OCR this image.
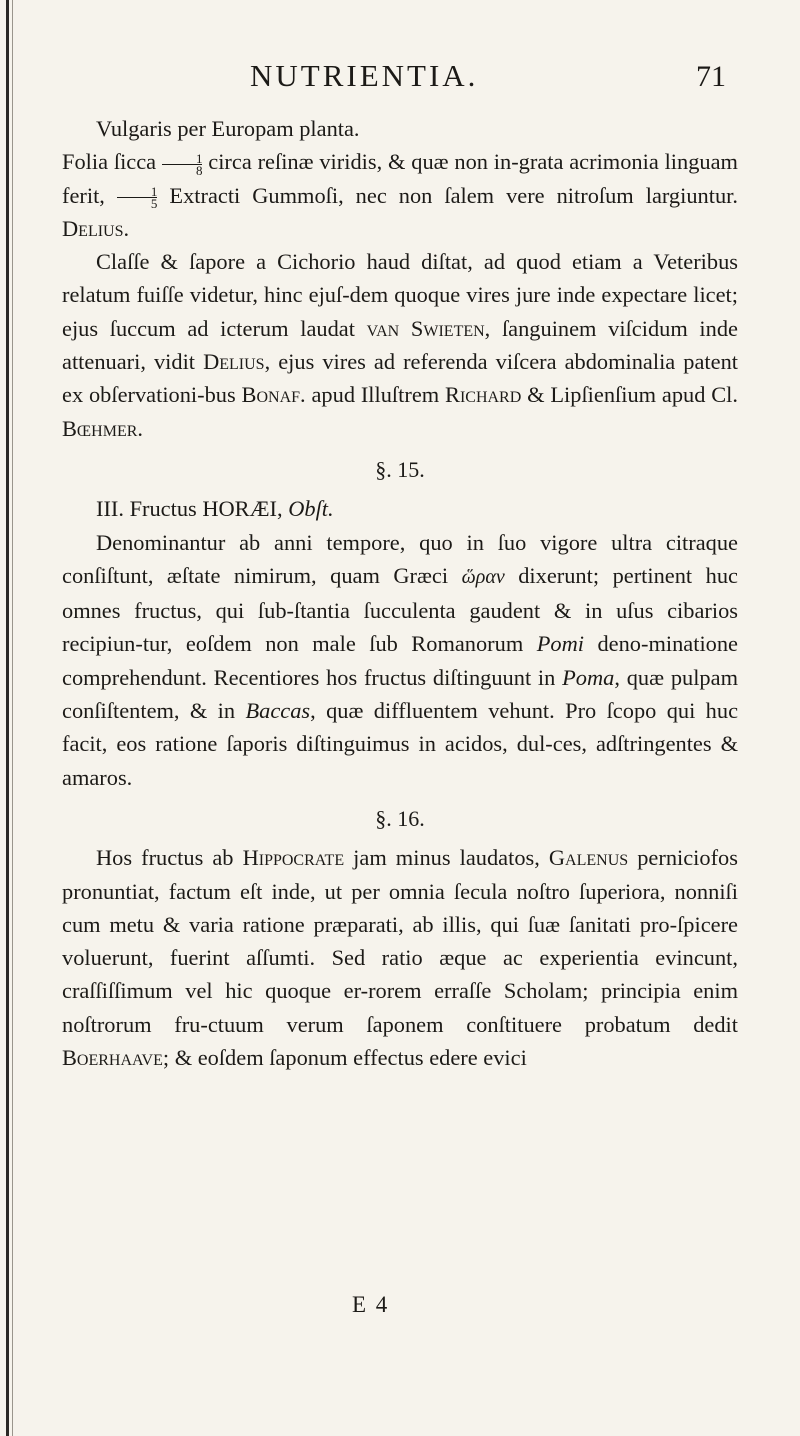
NUTRIENTIA.	71

Vulgaris per Europam planta.
Folia ſicca $\frac{1}{8}$ circa reſinæ viridis, & quæ non in-grata acrimonia linguam ferit, $\frac{1}{5}$ Extracti Gummoſi, nec non ſalem vere nitroſum largiuntur. Delius.

Claſſe & ſapore a Cichorio haud diſtat, ad quod etiam a Veteribus relatum fuiſſe videtur, hinc ejuſ-dem quoque vires jure inde expectare licet; ejus ſuccum ad icterum laudat van Swieten, ſanguinem viſcidum inde attenuari, vidit Delius, ejus vires ad referenda viſcera abdominalia patent ex obſervationi-bus Bonaf. apud Illuſtrem Richard & Lipſienſium apud Cl. Bœhmer.

§. 15.

III. Fructus HORÆI, Obſt.

Denominantur ab anni tempore, quo in ſuo vigore ultra citraque conſiſtunt, æſtate nimirum, quam Græci ὥραν dixerunt; pertinent huc omnes fructus, qui ſub-ſtantia ſucculenta gaudent & in uſus cibarios recipiun-tur, eoſdem non male ſub Romanorum Pomi deno-minatione comprehendunt. Recentiores hos fructus diſtinguunt in Poma, quæ pulpam conſiſtentem, & in Baccas, quæ diffluentem vehunt. Pro ſcopo qui huc facit, eos ratione ſaporis diſtinguimus in acidos, dul-ces, adſtringentes & amaros.

§. 16.

Hos fructus ab Hippocrate jam minus laudatos, Galenus perniciofos pronuntiat, factum eſt inde, ut per omnia ſecula noſtro ſuperiora, nonniſi cum metu & varia ratione præparati, ab illis, qui ſuæ ſanitati pro-ſpicere voluerunt, fuerint aſſumti. Sed ratio æque ac experientia evincunt, craſſiſſimum vel hic quoque er-rorem erraſſe Scholam; principia enim noſtrorum fru-ctuum verum ſaponem conſtituere probatum dedit Boerhaave; & eoſdem ſaponum effectus edere evici

E 4
